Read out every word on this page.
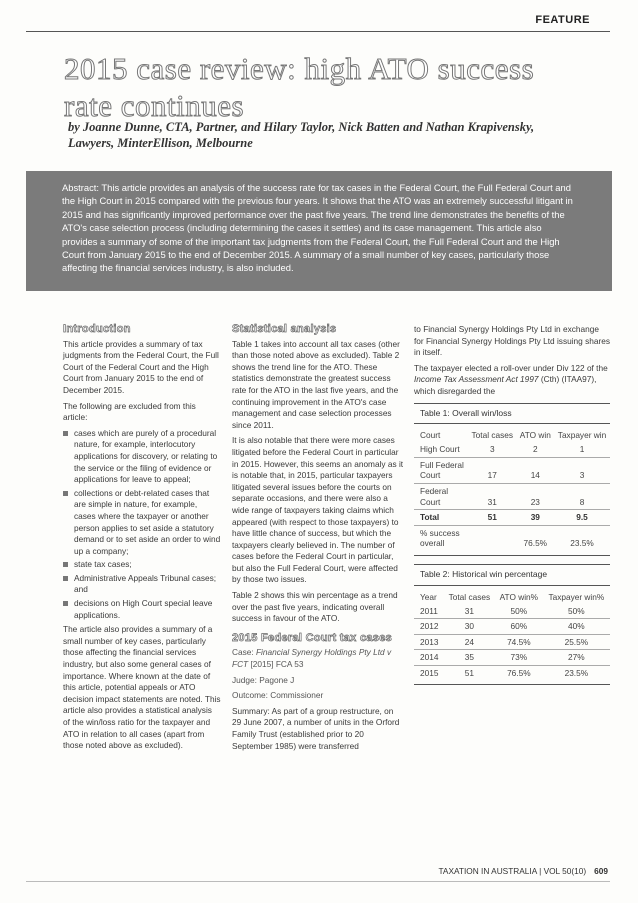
FEATURE
2015 case review: high ATO success rate continues
by Joanne Dunne, CTA, Partner, and Hilary Taylor, Nick Batten and Nathan Krapivensky, Lawyers, MinterEllison, Melbourne
Abstract: This article provides an analysis of the success rate for tax cases in the Federal Court, the Full Federal Court and the High Court in 2015 compared with the previous four years. It shows that the ATO was an extremely successful litigant in 2015 and has significantly improved performance over the past five years. The trend line demonstrates the benefits of the ATO's case selection process (including determining the cases it settles) and its case management. This article also provides a summary of some of the important tax judgments from the Federal Court, the Full Federal Court and the High Court from January 2015 to the end of December 2015. A summary of a small number of key cases, particularly those affecting the financial services industry, is also included.
Introduction

This article provides a summary of tax judgments from the Federal Court, the Full Court of the Federal Court and the High Court from January 2015 to the end of December 2015.

The following are excluded from this article:

cases which are purely of a procedural nature, for example, interlocutory applications for discovery, or relating to the service or the filing of evidence or applications for leave to appeal;
collections or debt-related cases that are simple in nature, for example, cases where the taxpayer or another person applies to set aside a statutory demand or to set aside an order to wind up a company;
state tax cases;
Administrative Appeals Tribunal cases; and
decisions on High Court special leave applications.

The article also provides a summary of a small number of key cases, particularly those affecting the financial services industry, but also some general cases of importance. Where known at the date of this article, potential appeals or ATO decision impact statements are noted. This article also provides a statistical analysis of the win/loss ratio for the taxpayer and ATO in relation to all cases (apart from those noted above as excluded).

Statistical analysis

Table 1 takes into account all tax cases (other than those noted above as excluded). Table 2 shows the trend line for the ATO. These statistics demonstrate the greatest success rate for the ATO in the last five years, and the continuing improvement in the ATO's case management and case selection processes since 2011.

It is also notable that there were more cases litigated before the Federal Court in particular in 2015. However, this seems an anomaly as it is notable that, in 2015, particular taxpayers litigated several issues before the courts on separate occasions, and there were also a wide range of taxpayers taking claims which appeared (with respect to those taxpayers) to have little chance of success, but which the taxpayers clearly believed in. The number of cases before the Federal Court in particular, but also the Full Federal Court, were affected by those two issues.

Table 2 shows this win percentage as a trend over the past five years, indicating overall success in favour of the ATO.

2015 Federal Court tax cases

Case: Financial Synergy Holdings Pty Ltd v FCT [2015] FCA 53

Judge: Pagone J

Outcome: Commissioner

Summary: As part of a group restructure, on 29 June 2007, a number of units in the Orford Family Trust (established prior to 20 September 1985) were transferred

to Financial Synergy Holdings Pty Ltd in exchange for Financial Synergy Holdings Pty Ltd issuing shares in itself.

The taxpayer elected a roll-over under Div 122 of the Income Tax Assessment Act 1997 (Cth) (ITAA97), which disregarded the

Table 1: Overall win/loss
Court	Total cases	ATO win	Taxpayer win
High Court	3	2	1
Full Federal Court	17	14	3
Federal Court	31	23	8
Total	51	39	9.5
% success overall		76.5%	23.5%
Table 2: Historical win percentage
Year	Total cases	ATO win%	Taxpayer win%
2011	31	50%	50%
2012	30	60%	40%
2013	24	74.5%	25.5%
2014	35	73%	27%
2015	51	76.5%	23.5%
TAXATION IN AUSTRALIA | VOL 50(10) 609
